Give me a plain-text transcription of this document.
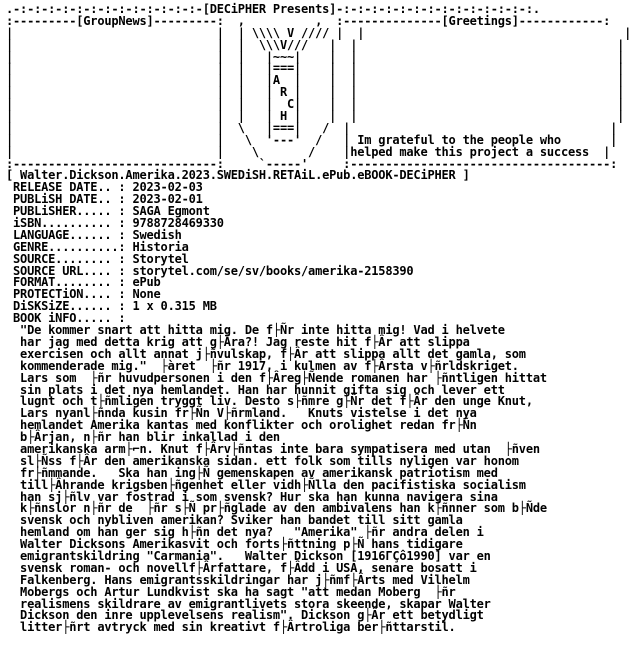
.-:-:-:-:-:-:-:-:-:-:-:-:-:-[DECiPHER Presents]-:-:-:-:-:-:-:-:-:-:-:-:-:-:.
:---------[GroupNews]---------:  ,          ,  :--------------[Greetings]------------:
|                             |  | \\\\ V //// |  |                                     |
|                             |  |  \\\V///   |  |                                     |
|                             |  |   |~~~|    |  |                                     |
|                             |  |   |===|    |  |                                     |
|                             |  |   |A  |    |  |                                     |
|                             |  |   | R |    |  |                                     |
|                             |  |   |  C|    |  |                                     |
|                             |  |   | H |    |  |                                     |
|                             |  \   |===|   /  |                                     |
|                             |   \  '---'  /   | Im grateful to the people who       |
|                             |    \       /    |helped make this project a success  |
:-----------------------------:     `-----'     :-------------------------------------:
[ Walter.Dickson.Amerika.2023.SWEDiSH.RETAiL.ePub.eBOOK-DECiPHER ]
RELEASE DATE.. : 2023-02-03
PUBLiSH DATE.. : 2023-02-01
PUBLiSHER..... : SAGA Egmont
iSBN.......... : 9788728469330
LANGUAGE...... : Swedish
GENRE..........: Historia
SOURCE........ : Storytel
SOURCE URL.... : storytel.com/se/sv/books/amerika-2158390
FORMAT........ : ePub
PROTECTiON.... : None
DiSKSiZE...... : 1 x 0.315 MB
BOOK iNFO..... :
"De kommer snart att hitta mig. De f├Ñr inte hitta mig! Vad i helvete
har jag med detta krig att g├Âra?! Jag reste hit f├Âr att slippa
exercisen och allt annat j├ñvulskap, f├Âr att slippa allt det gamla, som
kommenderade mig."  ├àret  ├ñr 1917, i kulmen av f├Ârsta v├ñrldskriget.
Lars som  ├ñr huvudpersonen i den f├Âreg├Ñende romanen har ├ñntligen hittat
sin plats i det nya hemlandet. Han har hunnit gifta sig och lever ett
lugnt och t├ñmligen tryggt liv. Desto s├ñmre g├Ñr det f├Âr den unge Knut,
Lars nyanl├ñnda kusin fr├Ñn V├ñrmland.   Knuts vistelse i det nya
hemlandet Amerika kantas med konflikter och orolighet redan fr├Ñn
b├Ârjan, n├ñr han blir inkallad i den
amerikanska arm├⌐n. Knut f├Ârv├ñntas inte bara sympatisera med utan  ├ñven
sl├Ñss f├Âr den amerikanska sidan. ett folk som tills nyligen var honom
fr├ñmmande.   Ska han ing├Ñ gemenskapen av amerikansk patriotism med
till├Âhrande krigsben├ñgenhet eller vidh├Ñlla den pacifistiska socialism
han sj├ñlv var fostrad i som svensk? Hur ska han kunna navigera sina
k├ñnslor n├ñr de  ├ñr s├Ñ pr├ñglade av den ambivalens han k├ñnner som b├Ñde
svensk och nybliven amerikan? Sviker han bandet till sitt gamla
hemland om han ger sig h├ñn det nya?   "Amerika" ├ñr andra delen i
Walter Dicksons Amerikasvit och forts├ñttning p├Ñ hans tidigare
emigrantskildring "Carmania".   Walter Dickson [1916ΓÇô1990] var en
svensk roman- och novellf├Ârfattare, f├Âdd i USA, senare bosatt i
Falkenberg. Hans emigrantsskildringar har j├ñmf├Ârts med Vilhelm
Mobergs och Artur Lundkvist ska ha sagt "att medan Moberg  ├ñr
realismens skildrare av emigrantlivets stora skeende, skapar Walter
Dickson den inre upplevelsens realism". Dickson g├Âr ett betydligt
litter├ñrt avtryck med sin kreativt f├Ârtroliga ber├ñttarstil.
